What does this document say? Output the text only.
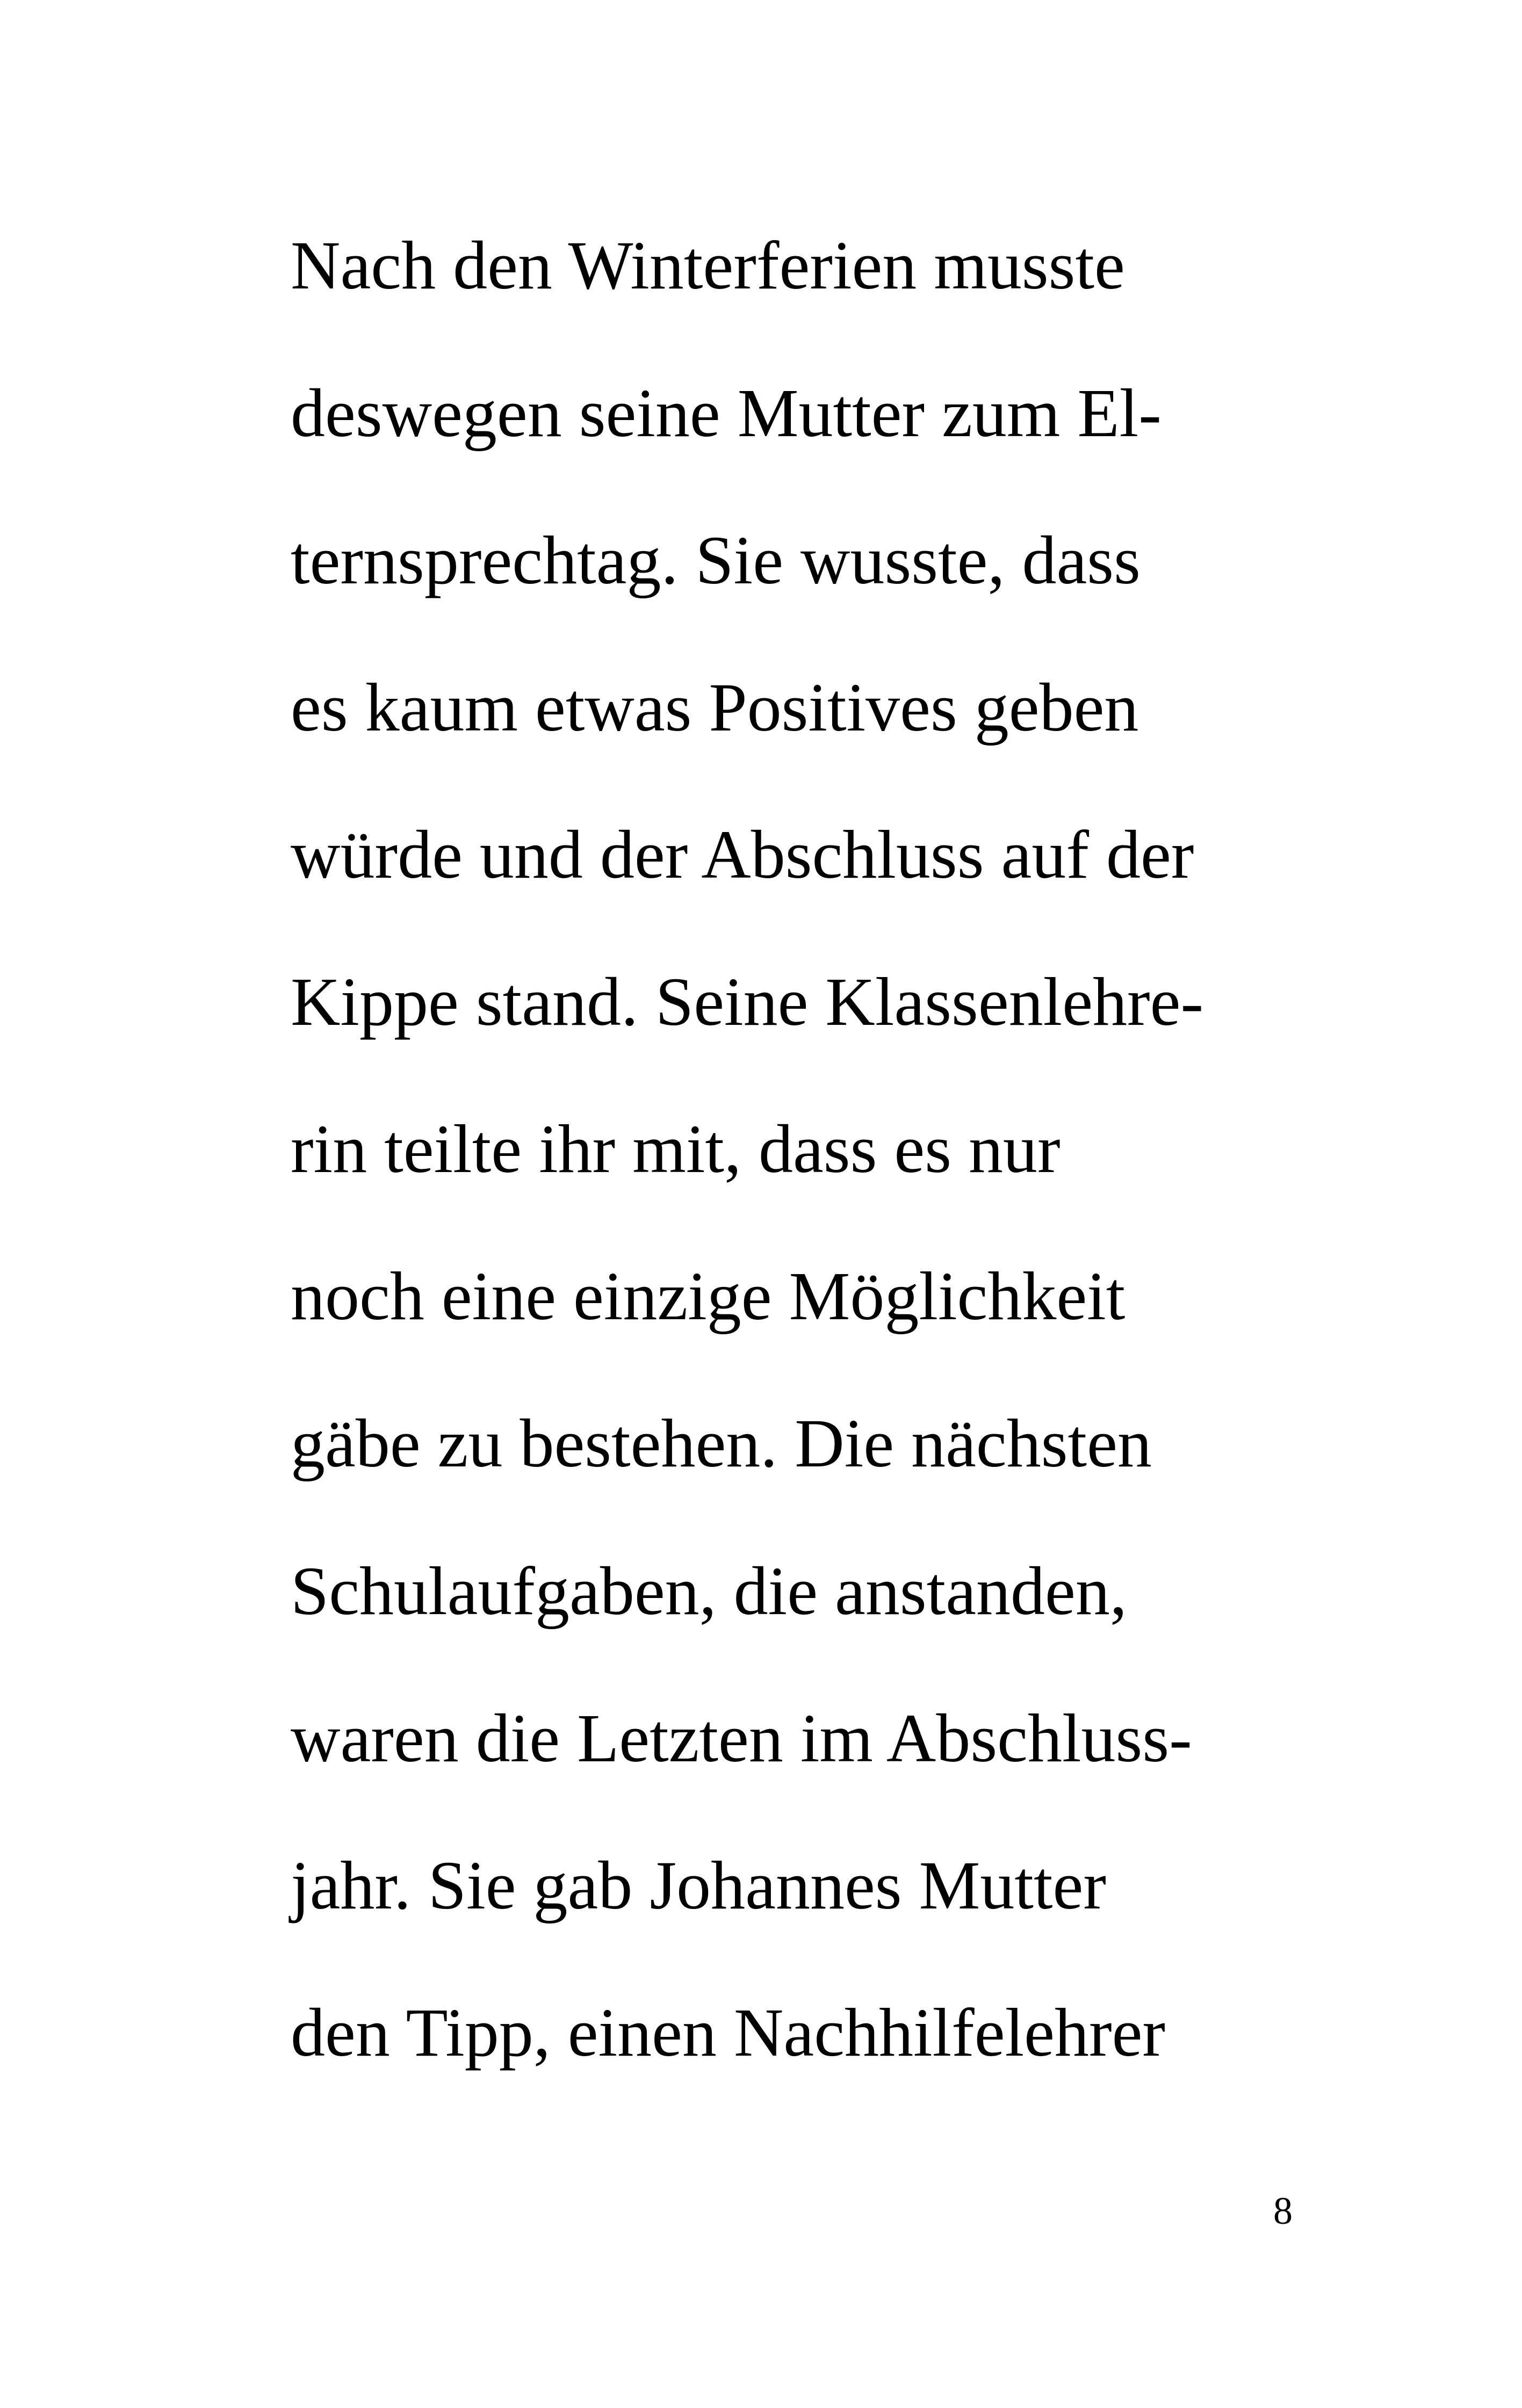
Nach den Winterferien musste
deswegen seine Mutter zum El-
ternsprechtag. Sie wusste, dass
es kaum etwas Positives geben
würde und der Abschluss auf der
Kippe stand. Seine Klassenlehre-
rin teilte ihr mit, dass es nur
noch eine einzige Möglichkeit
gäbe zu bestehen. Die nächsten
Schulaufgaben, die anstanden,
waren die Letzten im Abschluss-
jahr. Sie gab Johannes Mutter
den Tipp, einen Nachhilfelehrer
8
